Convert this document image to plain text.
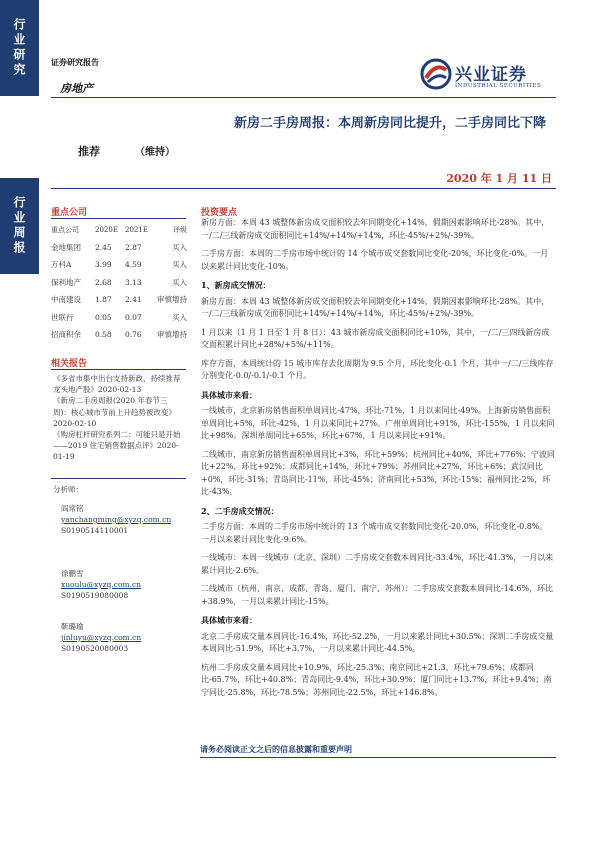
行业研究
行业周报
证券研究报告
房地产
兴业证券
INDUSTRIAL SECURITIES
新房二手房周报：本周新房同比提升，二手房同比下降
推荐	（维持）
2020 年 1 月 11 日
重点公司
重点公司	2020E	2021E	评级
金地集团	2.45	2.87	买入
万科A	3.99	4.59	买入
保利地产	2.68	3.13	买入
中南建设	1.87	2.41	审慎增持
世联行	0.05	0.07	买入
招商积余	0.58	0.76	审慎增持
相关报告
《多省市集中出台支持新政，持续推荐龙头地产股》2020-02-13
《新房二手房周报(2020 年春节三周)：核心城市节前上升趋势被改变》2020-02-10
《购房杠杆研究系列二：可能只是开始——2019 住宅销售数据点评》2020-01-19
分析师：
阎常铭
yanchangming@xyzq.com.cn
S0190514110001
徐鹏雪
xuoulu@xyzq.com.cn
S0190519080008
靳璐瑜
jinluyu@xyzq.com.cn
S0190520080003
投资要点

新房方面：本周 43 城整体新房成交面积较去年同期变化+14%，假期因素影响环比-28%。其中，一/二/三线新房成交面积同比+14%/+14%/+14%，环比-45%/+2%/-39%。

二手房方面：本周的二手房市场中统计的 14 个城市成交套数同比变化-20%，环比变化-0%。一月以来累计同比变化-10%。

1、新房成交情况：

新房方面：本周 43 城整体新房成交面积较去年同期变化+14%，假期因素影响环比-28%。其中，一/二/三线新房成交面积同比+14%/+14%/+14%，环比-45%/+2%/-39%。

1 月以来（1 月 1 日至 1 月 8 日）：43 城市新房成交面积同比+10%，其中，一/二/三四线新房成交面积累计同比+28%/+5%/+11%。

库存方面，本周统计的 15 城市库存去化周期为 9.5 个月，环比变化-0.1 个月，其中一/二/三线库存分别变化-0.0/-0.1/-0.1 个月。

具体城市来看：

一线城市，北京新房销售面积单周同比-47%，环比-71%，1 月以来同比-49%。上海新房销售面积单周同比+5%，环比-42%，1 月以来同比+27%。广州单周同比+91%，环比-155%，1 月以来同比+98%。深圳单周同比+65%，环比+67%，1 月以来同比+91%。

二线城市，南京新房销售面积单周同比+3%，环比+59%；杭州同比+40%，环比+776%；宁波同比+22%，环比+92%；成都同比+14%，环比+79%；苏州同比+27%，环比+6%；武汉同比+0%，环比-31%；青岛同比-11%，环比-45%；济南同比+53%，环比-15%；福州同比-2%，环比-43%。

2、二手房成交情况：

二手房方面：本周的二手房市场中统计的 13 个城市成交套数同比变化-20.0%，环比变化-0.8%。一月以来累计同比变化-9.6%。

一线城市：本周一线城市（北京、深圳）二手房成交套数本周同比-33.4%，环比-41.3%，一月以来累计同比-2.6%。

二线城市（杭州、南京、成都、青岛、厦门、南宁、苏州）：二手房成交套数本周同比-14.6%，环比+38.9%，一月以来累计同比-15%。

具体城市来看：

北京二手房成交量本周同比-16.4%，环比-52.2%，一月以来累计同比+30.5%；深圳二手房成交量本周同比-51.9%，环比+3.7%，一月以来累计同比-44.5%。

杭州二手房成交量本周同比+10.9%，环比-25.3%；南京同比+21.3，环比+79.6%；成都同比-65.7%，环比+40.8%；青岛同比-9.4%，环比+30.9%；厦门同比+13.7%，环比+9.4%；南宁同比-25.8%，环比-78.5%；苏州同比-22.5%，环比+146.8%。

请务必阅读正文之后的信息披露和重要声明
